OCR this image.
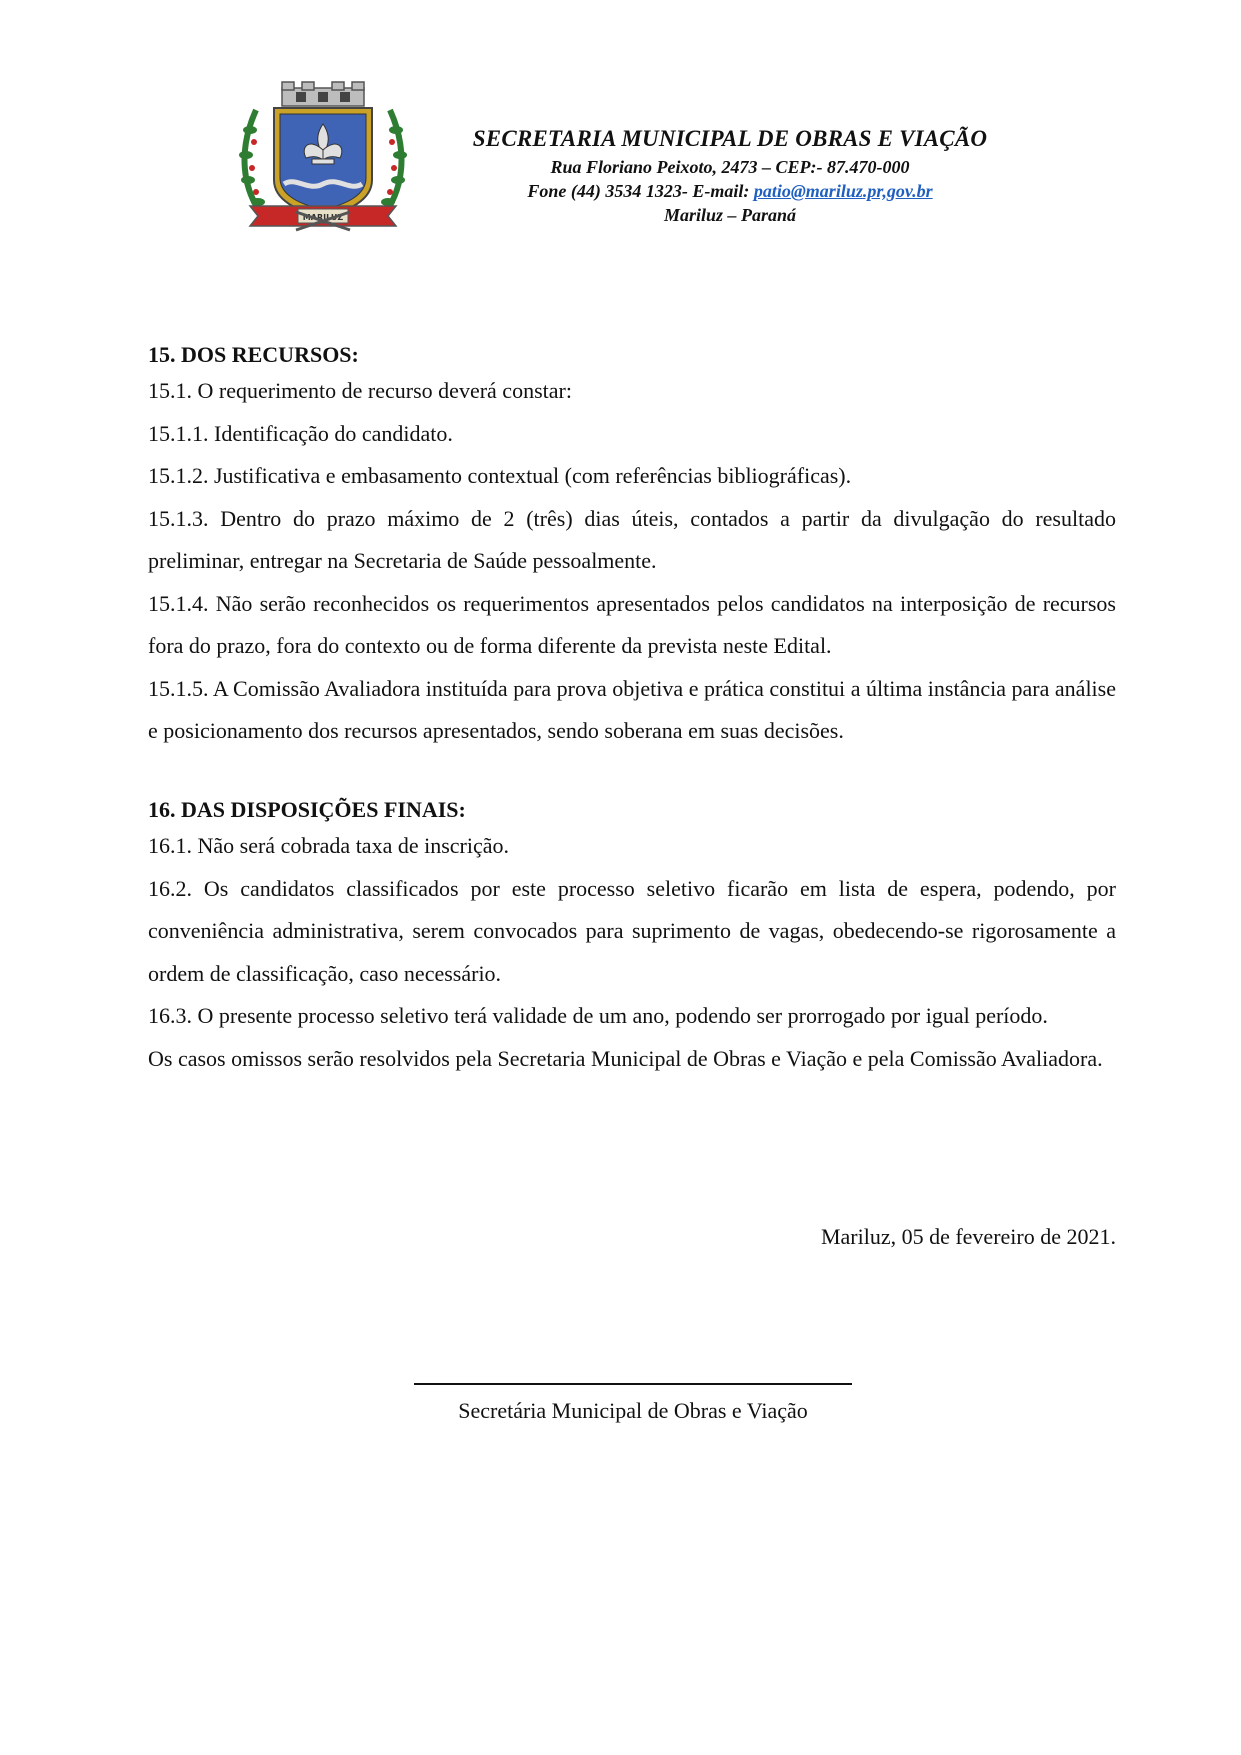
MARILUZ
SECRETARIA MUNICIPAL DE OBRAS E VIAÇÃO
Rua Floriano Peixoto, 2473 – CEP:- 87.470-000
Fone (44) 3534 1323- E-mail: patio@mariluz.pr,gov.br
Mariluz – Paraná
15. DOS RECURSOS:

15.1. O requerimento de recurso deverá constar:

15.1.1. Identificação do candidato.

15.1.2. Justificativa e embasamento contextual (com referências bibliográficas).

15.1.3. Dentro do prazo máximo de 2 (três) dias úteis, contados a partir da divulgação do resultado preliminar, entregar na Secretaria de Saúde pessoalmente.

15.1.4. Não serão reconhecidos os requerimentos apresentados pelos candidatos na interposição de recursos fora do prazo, fora do contexto ou de forma diferente da prevista neste Edital.

15.1.5. A Comissão Avaliadora instituída para prova objetiva e prática constitui a última instância para análise e posicionamento dos recursos apresentados, sendo soberana em suas decisões.

16. DAS DISPOSIÇÕES FINAIS:

16.1. Não será cobrada taxa de inscrição.

16.2. Os candidatos classificados por este processo seletivo ficarão em lista de espera, podendo, por conveniência administrativa, serem convocados para suprimento de vagas, obedecendo-se rigorosamente a ordem de classificação, caso necessário.

16.3. O presente processo seletivo terá validade de um ano, podendo ser prorrogado por igual período.

Os casos omissos serão resolvidos pela Secretaria Municipal de Obras e Viação e pela Comissão Avaliadora.

Mariluz, 05 de fevereiro de 2021.
Secretária Municipal de Obras e Viação
